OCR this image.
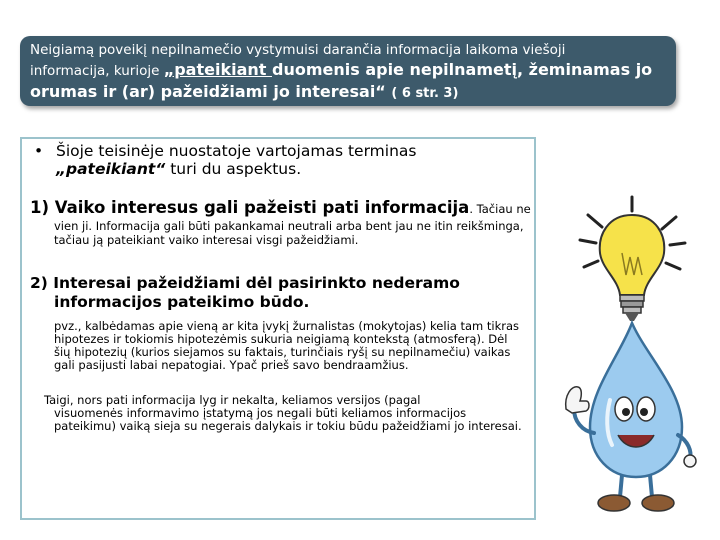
Neigiamą poveikį nepilnamečio vystymuisi darančia informacija laikoma viešoji
informacija, kurioje „pateikiant duomenis apie nepilnametį, žeminamas jo
orumas ir (ar) pažeidžiami jo interesai“ ( 6 str. 3)
• Šioje teisinėje nuostatoje vartojamas terminas
„pateikiant“ turi du aspektus.
1) Vaiko interesus gali pažeisti pati informacija. Tačiau ne
vien ji. Informacija gali būti pakankamai neutrali arba bent jau ne itin reikšminga, tačiau ją pateikiant vaiko interesai visgi pažeidžiami.
2) Interesai pažeidžiami dėl pasirinkto nederamo
informacijos pateikimo būdo.
pvz., kalbėdamas apie vieną ar kita įvykį žurnalistas (mokytojas) kelia tam tikras hipotezes ir tokiomis hipotezėmis sukuria neigiamą kontekstą (atmosferą). Dėl šių hipotezių (kurios siejamos su faktais, turinčiais ryšį su nepilnamečiu) vaikas gali pasijusti labai nepatogiai. Ypač prieš savo bendraamžius.
Taigi, nors pati informacija lyg ir nekalta, keliamos versijos (pagal
visuomenės informavimo įstatymą jos negali būti keliamos informacijos pateikimu) vaiką sieja su negerais dalykais ir tokiu būdu pažeidžiami jo interesai.
